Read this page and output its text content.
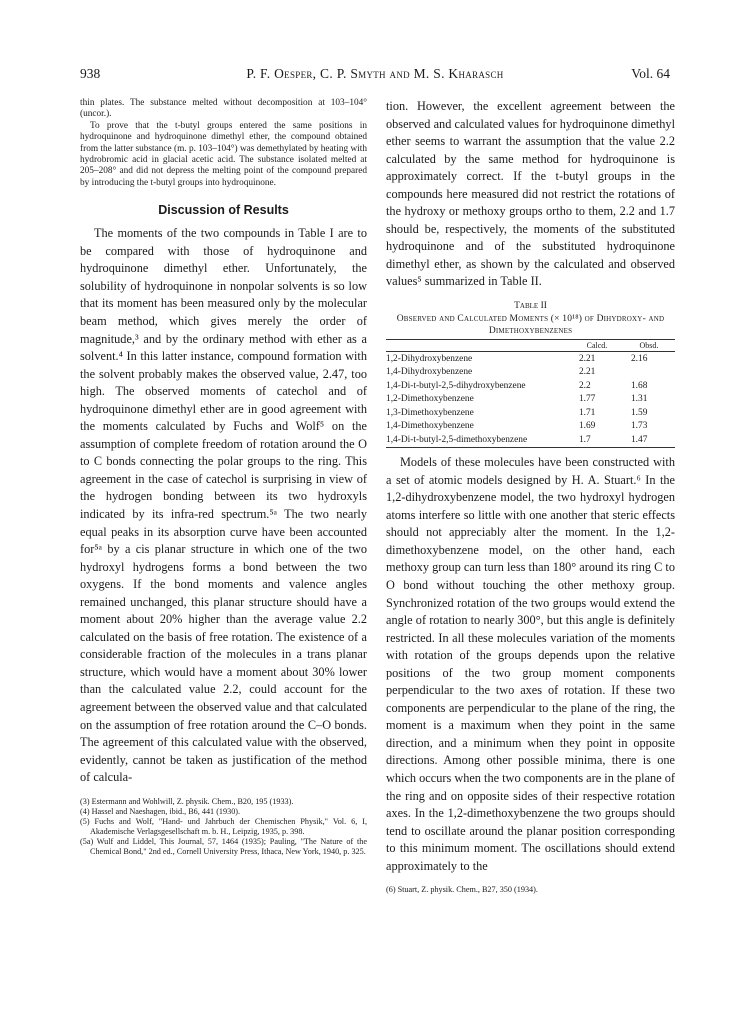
938	P. F. Oesper, C. P. Smyth and M. S. Kharasch	Vol. 64

thin plates. The substance melted without decomposition at 103–104° (uncor.).

To prove that the t-butyl groups entered the same positions in hydroquinone and hydroquinone dimethyl ether, the compound obtained from the latter substance (m. p. 103–104°) was demethylated by heating with hydrobromic acid in glacial acetic acid. The substance isolated melted at 205–208° and did not depress the melting point of the compound prepared by introducing the t-butyl groups into hydroquinone.

Discussion of Results

The moments of the two compounds in Table I are to be compared with those of hydroquinone and hydroquinone dimethyl ether. Unfortunately, the solubility of hydroquinone in nonpolar solvents is so low that its moment has been measured only by the molecular beam method, which gives merely the order of magnitude,³ and by the ordinary method with ether as a solvent.⁴ In this latter instance, compound formation with the solvent probably makes the observed value, 2.47, too high. The observed moments of catechol and of hydroquinone dimethyl ether are in good agreement with the moments calculated by Fuchs and Wolf⁵ on the assumption of complete freedom of rotation around the O to C bonds connecting the polar groups to the ring. This agreement in the case of catechol is surprising in view of the hydrogen bonding between its two hydroxyls indicated by its infra-red spectrum.⁵ᵃ The two nearly equal peaks in its absorption curve have been accounted for⁵ᵃ by a cis planar structure in which one of the two hydroxyl hydrogens forms a bond between the two oxygens. If the bond moments and valence angles remained unchanged, this planar structure should have a moment about 20% higher than the average value 2.2 calculated on the basis of free rotation. The existence of a considerable fraction of the molecules in a trans planar structure, which would have a moment about 30% lower than the calculated value 2.2, could account for the agreement between the observed value and that calculated on the assumption of free rotation around the C–O bonds. The agreement of this calculated value with the observed, evidently, cannot be taken as justification of the method of calcula-

(3) Estermann and Wohlwill, Z. physik. Chem., B20, 195 (1933).

(4) Hassel and Naeshagen, ibid., B6, 441 (1930).

(5) Fuchs and Wolf, "Hand- und Jahrbuch der Chemischen Physik," Vol. 6, I, Akademische Verlagsgesellschaft m. b. H., Leipzig, 1935, p. 398.

(5a) Wulf and Liddel, This Journal, 57, 1464 (1935); Pauling, "The Nature of the Chemical Bond," 2nd ed., Cornell University Press, Ithaca, New York, 1940, p. 325.

tion. However, the excellent agreement between the observed and calculated values for hydroquinone dimethyl ether seems to warrant the assumption that the value 2.2 calculated by the same method for hydroquinone is approximately correct. If the t-butyl groups in the compounds here measured did not restrict the rotations of the hydroxy or methoxy groups ortho to them, 2.2 and 1.7 should be, respectively, the moments of the substituted hydroquinone and of the substituted hydroquinone dimethyl ether, as shown by the calculated and observed values⁵ summarized in Table II.

Table II
Observed and Calculated Moments (× 10¹⁸) of Dihydroxy- and Dimethoxybenzenes
	Calcd.	Obsd.
1,2-Dihydroxybenzene	2.21	2.16
1,4-Dihydroxybenzene	2.21	
1,4-Di-t-butyl-2,5-dihydroxybenzene	2.2	1.68
1,2-Dimethoxybenzene	1.77	1.31
1,3-Dimethoxybenzene	1.71	1.59
1,4-Dimethoxybenzene	1.69	1.73
1,4-Di-t-butyl-2,5-dimethoxybenzene	1.7	1.47

Models of these molecules have been constructed with a set of atomic models designed by H. A. Stuart.⁶ In the 1,2-dihydroxybenzene model, the two hydroxyl hydrogen atoms interfere so little with one another that steric effects should not appreciably alter the moment. In the 1,2-dimethoxybenzene model, on the other hand, each methoxy group can turn less than 180° around its ring C to O bond without touching the other methoxy group. Synchronized rotation of the two groups would extend the angle of rotation to nearly 300°, but this angle is definitely restricted. In all these molecules variation of the moments with rotation of the groups depends upon the relative positions of the two group moment components perpendicular to the two axes of rotation. If these two components are perpendicular to the plane of the ring, the moment is a maximum when they point in the same direction, and a minimum when they point in opposite directions. Among other possible minima, there is one which occurs when the two components are in the plane of the ring and on opposite sides of their respective rotation axes. In the 1,2-dimethoxybenzene the two groups should tend to oscillate around the planar position corresponding to this minimum moment. The oscillations should extend approximately to the

(6) Stuart, Z. physik. Chem., B27, 350 (1934).
